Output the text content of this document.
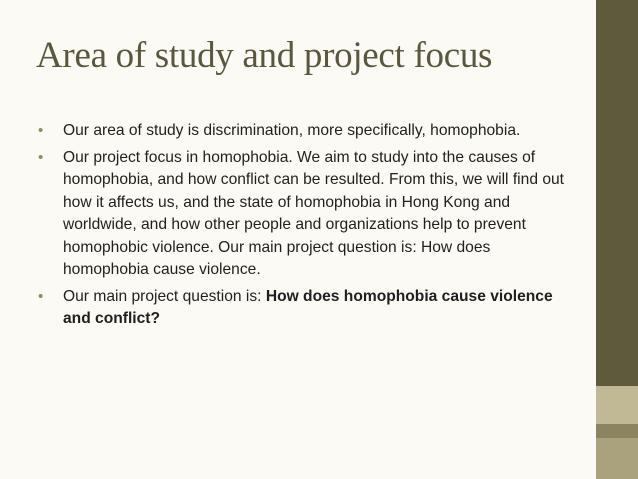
Area of study and project focus
• Our area of study is discrimination, more specifically, homophobia.
• Our project focus in homophobia. We aim to study into the causes of homophobia, and how conflict can be resulted. From this, we will find out how it affects us, and the state of homophobia in Hong Kong and worldwide, and how other people and organizations help to prevent homophobic violence. Our main project question is: How does homophobia cause violence.
• Our main project question is: How does homophobia cause violence and conflict?
